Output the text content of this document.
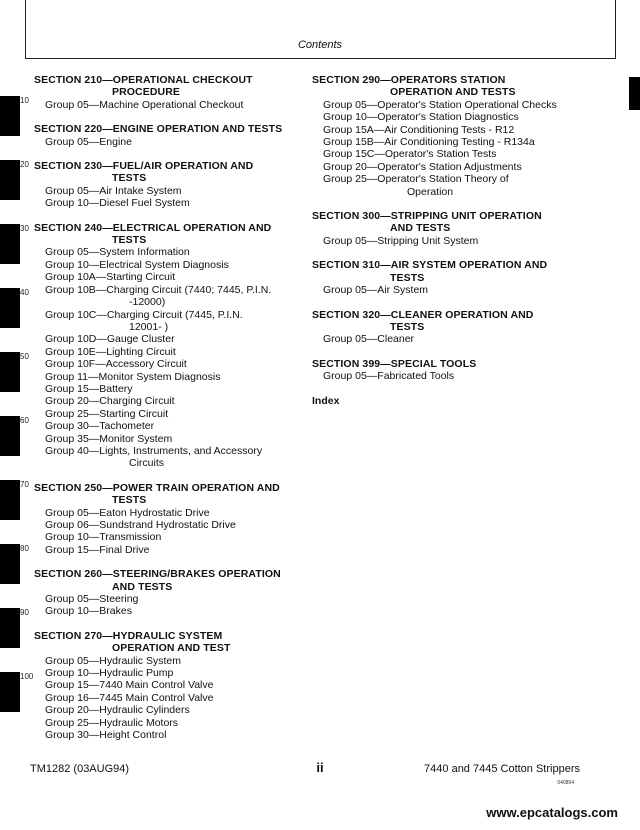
Contents
10
20
30
40
50
60
70
80
90
100
SECTION 210—OPERATIONAL CHECKOUT
PROCEDURE
Group 05—Machine Operational Checkout
SECTION 220—ENGINE OPERATION AND TESTS
Group 05—Engine
SECTION 230—FUEL/AIR OPERATION AND
TESTS
Group 05—Air Intake System
Group 10—Diesel Fuel System
SECTION 240—ELECTRICAL OPERATION AND
TESTS
Group 05—System Information
Group 10—Electrical System Diagnosis
Group 10A—Starting Circuit
Group 10B—Charging Circuit (7440; 7445, P.I.N.
-12000)
Group 10C—Charging Circuit (7445, P.I.N.
12001- )
Group 10D—Gauge Cluster
Group 10E—Lighting Circuit
Group 10F—Accessory Circuit
Group 11—Monitor System Diagnosis
Group 15—Battery
Group 20—Charging Circuit
Group 25—Starting Circuit
Group 30—Tachometer
Group 35—Monitor System
Group 40—Lights, Instruments, and Accessory
Circuits
SECTION 250—POWER TRAIN OPERATION AND
TESTS
Group 05—Eaton Hydrostatic Drive
Group 06—Sundstrand Hydrostatic Drive
Group 10—Transmission
Group 15—Final Drive
SECTION 260—STEERING/BRAKES OPERATION
AND TESTS
Group 05—Steering
Group 10—Brakes
SECTION 270—HYDRAULIC SYSTEM
OPERATION AND TEST
Group 05—Hydraulic System
Group 10—Hydraulic Pump
Group 15—7440 Main Control Valve
Group 16—7445 Main Control Valve
Group 20—Hydraulic Cylinders
Group 25—Hydraulic Motors
Group 30—Height Control
SECTION 290—OPERATORS STATION
OPERATION AND TESTS
Group 05—Operator's Station Operational Checks
Group 10—Operator's Station Diagnostics
Group 15A—Air Conditioning Tests - R12
Group 15B—Air Conditioning Testing - R134a
Group 15C—Operator's Station Tests
Group 20—Operator's Station Adjustments
Group 25—Operator's Station Theory of
Operation
SECTION 300—STRIPPING UNIT OPERATION
AND TESTS
Group 05—Stripping Unit System
SECTION 310—AIR SYSTEM OPERATION AND
TESTS
Group 05—Air System
SECTION 320—CLEANER OPERATION AND
TESTS
Group 05—Cleaner
SECTION 399—SPECIAL TOOLS
Group 05—Fabricated Tools
Index
TM1282 (03AUG94)	ii	7440 and 7445 Cotton Strippers
040894
www.epcatalogs.com
